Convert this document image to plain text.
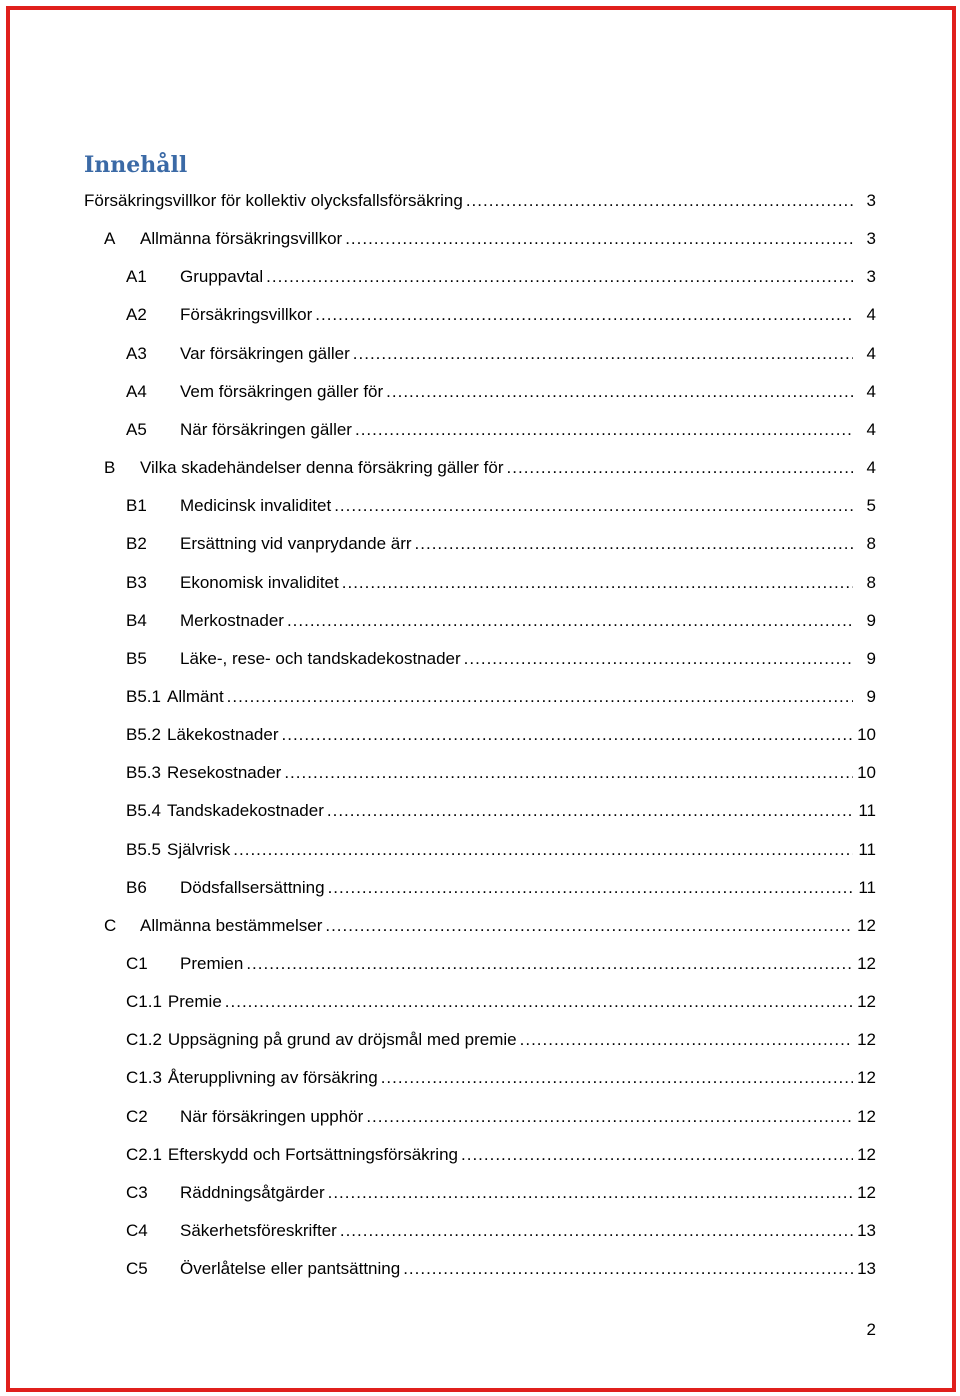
Innehåll
Försäkringsvillkor för kollektiv olycksfallsförsäkring .....	3
A	Allmänna försäkringsvillkor .....	3
A1	Gruppavtal .....	3
A2	Försäkringsvillkor .....	4
A3	Var försäkringen gäller .....	4
A4	Vem försäkringen gäller för .....	4
A5	När försäkringen gäller .....	4
B	Vilka skadehändelser denna försäkring gäller för .....	4
B1	Medicinsk invaliditet .....	5
B2	Ersättning vid vanprydande ärr .....	8
B3	Ekonomisk invaliditet .....	8
B4	Merkostnader .....	9
B5	Läke-, rese- och tandskadekostnader .....	9
B5.1 Allmänt .....	9
B5.2 Läkekostnader .....	10
B5.3 Resekostnader .....	10
B5.4 Tandskadekostnader .....	11
B5.5 Självrisk .....	11
B6	Dödsfallsersättning .....	11
C	Allmänna bestämmelser .....	12
C1	Premien .....	12
C1.1 Premie .....	12
C1.2 Uppsägning på grund av dröjsmål med premie .....	12
C1.3 Återupplivning av försäkring .....	12
C2	När försäkringen upphör .....	12
C2.1 Efterskydd och Fortsättningsförsäkring .....	12
C3	Räddningsåtgärder .....	12
C4	Säkerhetsföreskrifter .....	13
C5	Överlåtelse eller pantsättning .....	13
2
